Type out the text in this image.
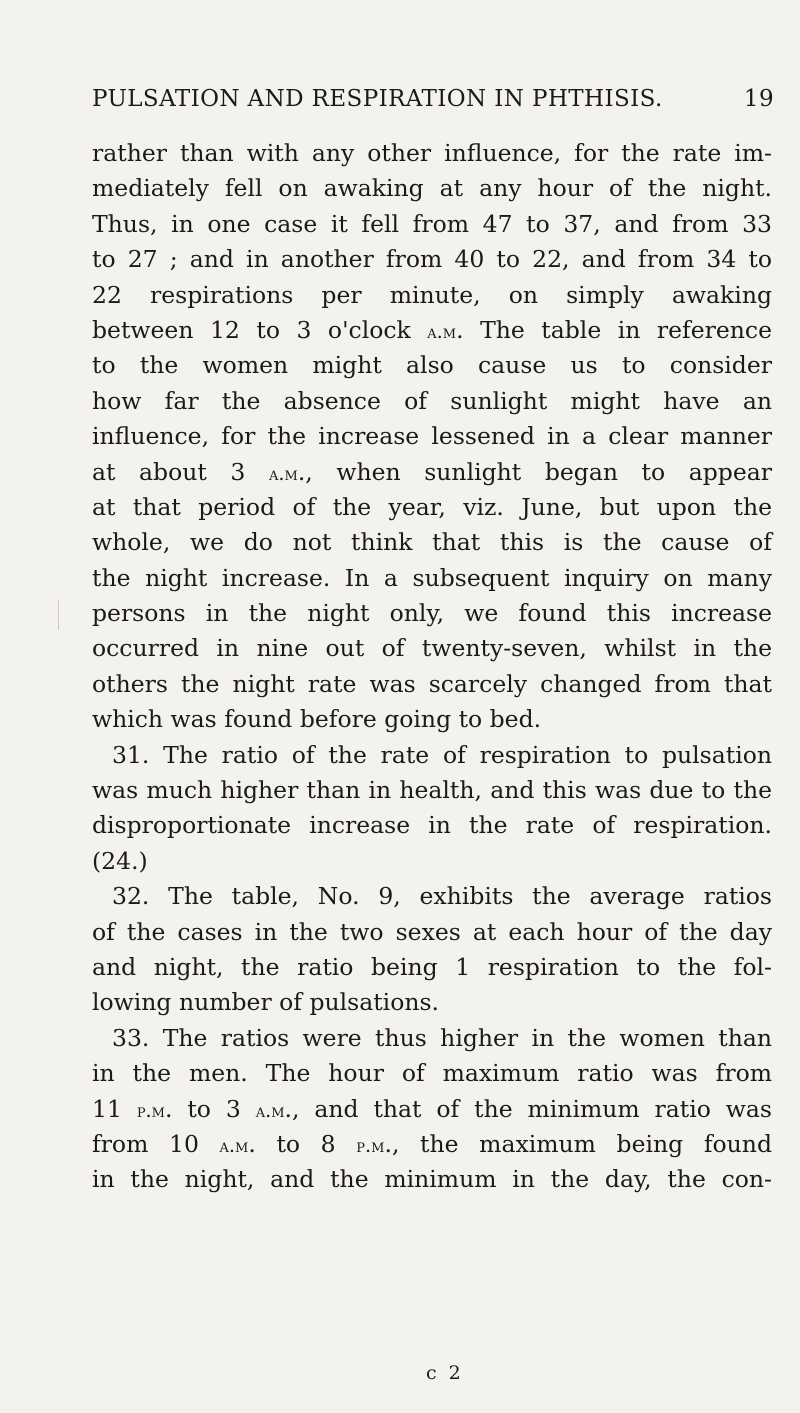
PULSATION AND RESPIRATION IN PHTHISIS.	19
rather than with any other influence, for the rate im-
mediately fell on awaking at any hour of the night.
Thus, in one case it fell from 47 to 37, and from 33
to 27 ; and in another from 40 to 22, and from 34 to
22 respirations per minute, on simply awaking
between 12 to 3 o'clock a.m. The table in reference
to the women might also cause us to consider
how far the absence of sunlight might have an
influence, for the increase lessened in a clear manner
at about 3 a.m., when sunlight began to appear
at that period of the year, viz. June, but upon the
whole, we do not think that this is the cause of
the night increase. In a subsequent inquiry on many
persons in the night only, we found this increase
occurred in nine out of twenty-seven, whilst in the
others the night rate was scarcely changed from that
which was found before going to bed.
31. The ratio of the rate of respiration to pulsation
was much higher than in health, and this was due to the
disproportionate increase in the rate of respiration.
(24.)
32. The table, No. 9, exhibits the average ratios
of the cases in the two sexes at each hour of the day
and night, the ratio being 1 respiration to the fol-
lowing number of pulsations.
33. The ratios were thus higher in the women than
in the men. The hour of maximum ratio was from
11 p.m. to 3 a.m., and that of the minimum ratio was
from 10 a.m. to 8 p.m., the maximum being found
in the night, and the minimum in the day, the con-
c 2
